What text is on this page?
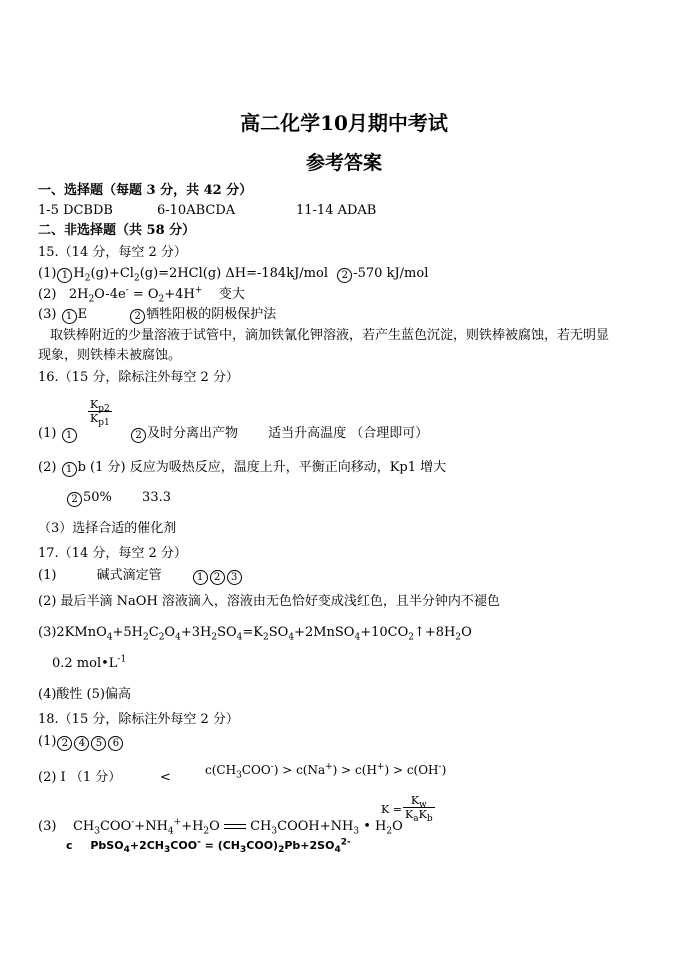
高二化学10月期中考试
参考答案
一、选择题（每题 3 分，共 42 分）
1-5 DCBDB	6-10ABCDA	11-14 ADAB
二、非选择题（共 58 分）
15.（14 分，每空 2 分）
(1) 1 $H_2(g)+Cl_2(g)=2HCl(g)$ ΔH=-184kJ/mol 2 -570 kJ/mol
(2) $2H_2O-4e^- = O_2+4H^+$ 变大
(3) 1 E	2 牺牲阳极的阴极保护法
取铁棒附近的少量溶液于试管中，滴加铁氰化钾溶液，若产生蓝色沉淀，则铁棒被腐蚀，若无明显
现象，则铁棒未被腐蚀。
16.（15 分，除标注外每空 2 分）
$\frac{K_{p2}}{K_{p1}}$
(1) 1	2 及时分离出产物 适当升高温度 （合理即可）
(2) 1 b (1 分) 反应为吸热反应，温度上升，平衡正向移动，Kp1 增大
2 50% 33.3
（3）选择合适的催化剂
17.（14 分，每空 2 分）
(1)	碱式滴定管	1 2 3
(2) 最后半滴 NaOH 溶液滴入，溶液由无色恰好变成浅红色，且半分钟内不褪色
$(3)2KMnO_4+5H_2C_2O_4+3H_2SO_4=K_2SO_4+2MnSO_4+10CO_2↑+8H_2O$
0.2 $mol•L^{-1}$
(4)酸性 (5)偏高
18.（15 分，除标注外每空 2 分）
(1) 2 4 5 6
(2) I （1 分）	<	$c(CH_3COO^-) > c(Na^+) > c(H^+) > c(OH^-)$
K =
$K_w$
$K_aK_b$
(3) $CH_3COO^-+NH_4^++H_2O$ $CH_3COOH+NH_3$ • $H_2O$
c $PbSO_4+2CH_3COO^- = (CH_3COO)_2Pb+2SO_4^{2-}$
